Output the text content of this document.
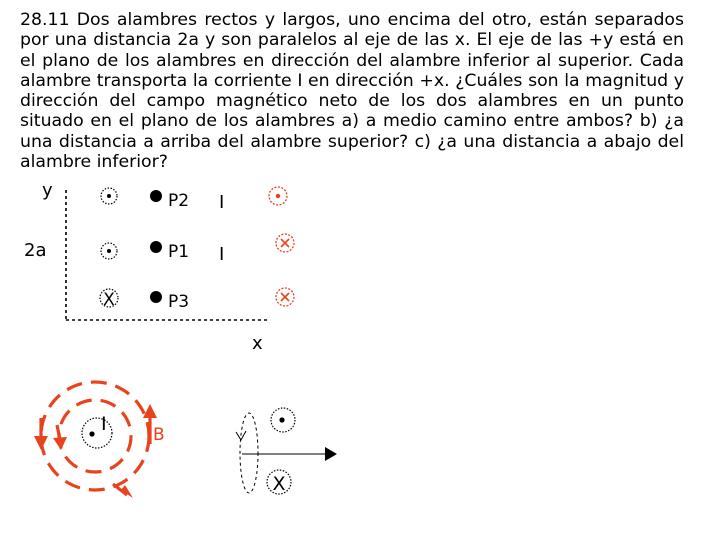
28.11 Dos alambres rectos y largos, uno encima del otro, están separados por una distancia 2a y son paralelos al eje de las x. El eje de las +y está en el plano de los alambres en dirección del alambre inferior al superior. Cada alambre transporta la corriente I en dirección +x. ¿Cuáles son la magnitud y dirección del campo magnético neto de los dos alambres en un punto situado en el plano de los alambres a) a medio camino entre ambos? b) ¿a una distancia a arriba del alambre superior? c) ¿a una distancia a abajo del alambre inferior?

y
x
2a
X
P2
P1
P3
I
I
I	B
X
